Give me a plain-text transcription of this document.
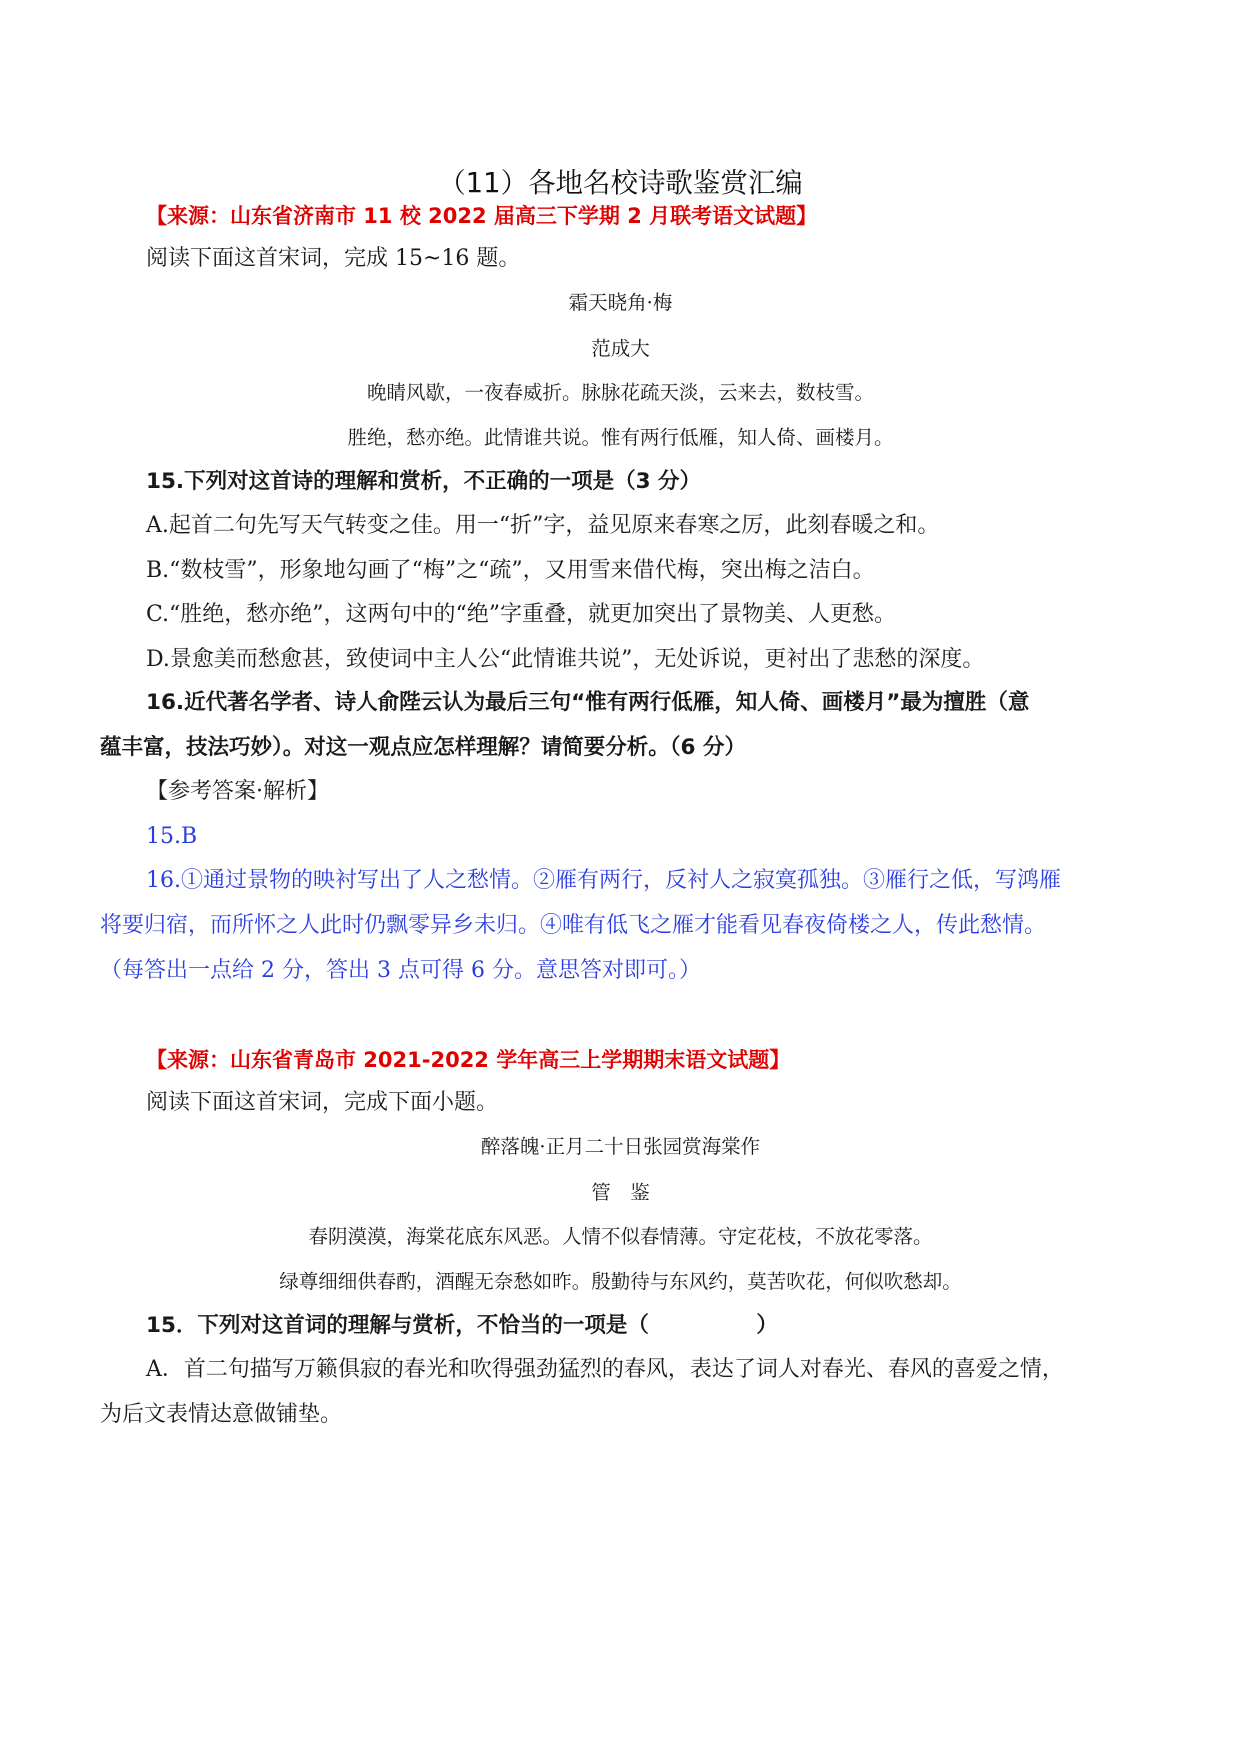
（11）各地名校诗歌鉴赏汇编
【来源：山东省济南市 11 校 2022 届高三下学期 2 月联考语文试题】
阅读下面这首宋词，完成 15~16 题。
霜天晓角·梅
范成大
晚睛风歇，一夜春威折。脉脉花疏天淡，云来去，数枝雪。
胜绝，愁亦绝。此情谁共说。惟有两行低雁，知人倚、画楼月。
15.下列对这首诗的理解和赏析，不正确的一项是（3 分）
A.起首二句先写天气转变之佳。用一“折”字，益见原来春寒之厉，此刻春暖之和。
B.“数枝雪”，形象地勾画了“梅”之“疏”，又用雪来借代梅，突出梅之洁白。
C.“胜绝，愁亦绝”，这两句中的“绝”字重叠，就更加突出了景物美、人更愁。
D.景愈美而愁愈甚，致使词中主人公“此情谁共说”，无处诉说，更衬出了悲愁的深度。
16.近代著名学者、诗人俞陛云认为最后三句“惟有两行低雁，知人倚、画楼月”最为擅胜（意
蕴丰富，技法巧妙）。对这一观点应怎样理解？请简要分析。（6 分）
【参考答案·解析】
15.B
16.①通过景物的映衬写出了人之愁情。②雁有两行，反衬人之寂寞孤独。③雁行之低，写鸿雁
将要归宿，而所怀之人此时仍飘零异乡未归。④唯有低飞之雁才能看见春夜倚楼之人，传此愁情。
（每答出一点给 2 分，答出 3 点可得 6 分。意思答对即可。）
【来源：山东省青岛市 2021-2022 学年高三上学期期末语文试题】
阅读下面这首宋词，完成下面小题。
醉落魄·正月二十日张园赏海棠作
管　鉴
春阴漠漠，海棠花底东风恶。人情不似春情薄。守定花枝，不放花零落。
绿尊细细供春酌，酒醒无奈愁如昨。殷勤待与东风约，莫苦吹花，何似吹愁却。
15．下列对这首词的理解与赏析，不恰当的一项是（　　　　　）
A．首二句描写万籁俱寂的春光和吹得强劲猛烈的春风，表达了词人对春光、春风的喜爱之情，
为后文表情达意做铺垫。
